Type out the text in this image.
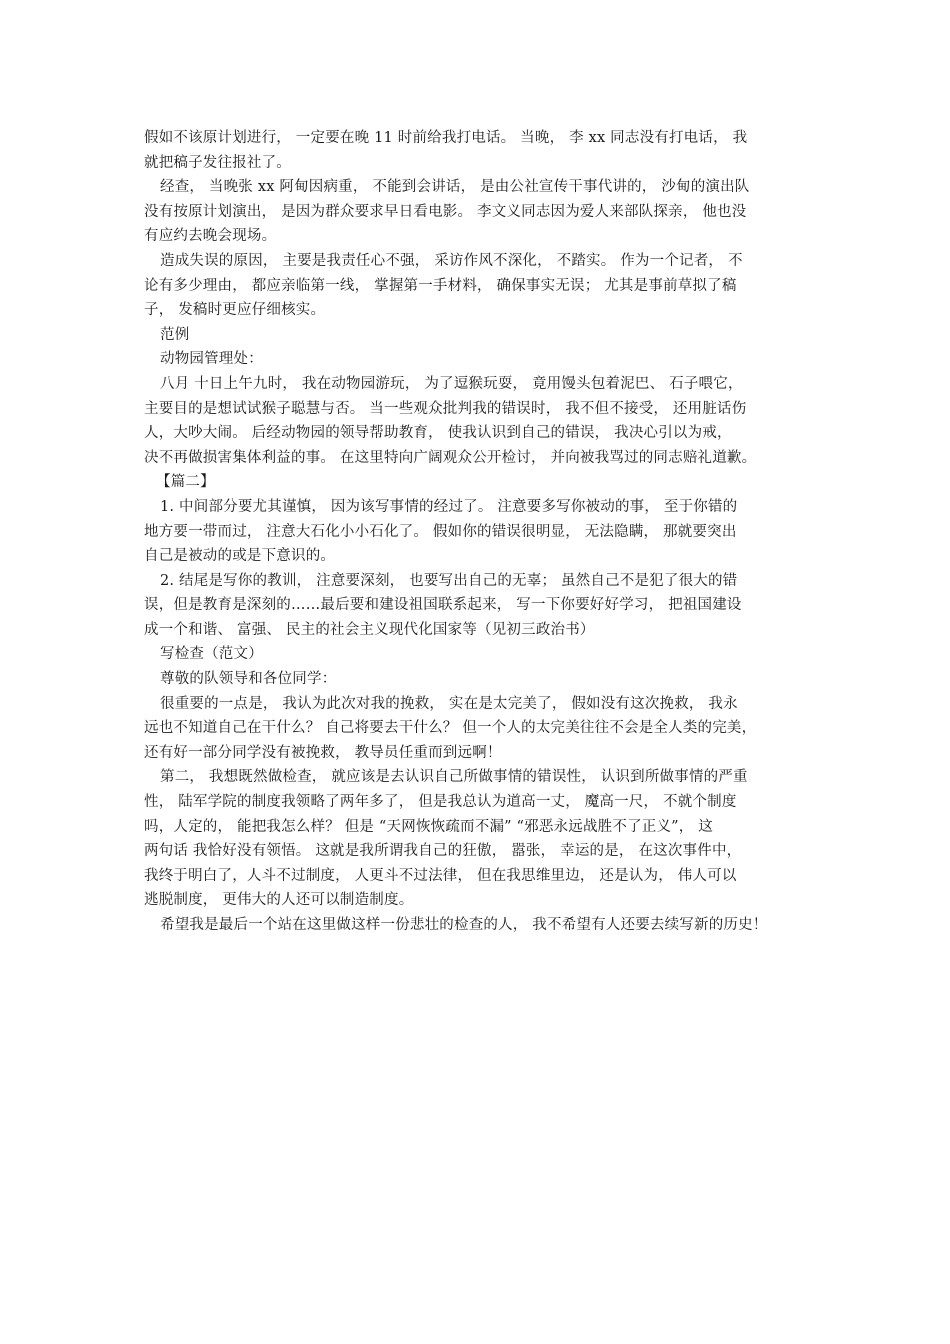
假如不该原计划进行， 一定要在晚 11 时前给我打电话。 当晚， 李 xx 同志没有打电话， 我
就把稿子发往报社了。
经查， 当晚张 xx 阿甸因病重， 不能到会讲话， 是由公社宣传干事代讲的， 沙甸的演出队
没有按原计划演出， 是因为群众要求早日看电影。 李文义同志因为爱人来部队探亲， 他也没
有应约去晚会现场。
造成失误的原因， 主要是我责任心不强， 采访作风不深化， 不踏实。 作为一个记者， 不
论有多少理由， 都应亲临第一线， 掌握第一手材料， 确保事实无误； 尤其是事前草拟了稿
子， 发稿时更应仔细核实。
范例
动物园管理处：
八月 十日上午九时， 我在动物园游玩， 为了逗猴玩耍， 竟用馒头包着泥巴、 石子喂它，
主要目的是想试试猴子聪慧与否。 当一些观众批判我的错误时， 我不但不接受， 还用脏话伤
人，大吵大闹。 后经动物园的领导帮助教育， 使我认识到自己的错误， 我决心引以为戒，
决不再做损害集体利益的事。 在这里特向广阔观众公开检讨， 并向被我骂过的同志赔礼道歉。
【篇二】
1. 中间部分要尤其谨慎， 因为该写事情的经过了。 注意要多写你被动的事， 至于你错的
地方要一带而过， 注意大石化小小石化了。 假如你的错误很明显， 无法隐瞒， 那就要突出
自己是被动的或是下意识的。
2. 结尾是写你的教训， 注意要深刻， 也要写出自己的无辜； 虽然自己不是犯了很大的错
误，但是教育是深刻的……最后要和建设祖国联系起来， 写一下你要好好学习， 把祖国建设
成一个和谐、 富强、 民主的社会主义现代化国家等（见初三政治书）
写检查（范文）
尊敬的队领导和各位同学：
很重要的一点是， 我认为此次对我的挽救， 实在是太完美了， 假如没有这次挽救， 我永
远也不知道自己在干什么？ 自己将要去干什么？ 但一个人的太完美往往不会是全人类的完美，
还有好一部分同学没有被挽救， 教导员任重而到远啊！
第二， 我想既然做检查， 就应该是去认识自己所做事情的错误性， 认识到所做事情的严重
性， 陆军学院的制度我领略了两年多了， 但是我总认为道高一丈， 魔高一尺， 不就个制度
吗，人定的， 能把我怎么样？ 但是 “天网恢恢疏而不漏” “邪恶永远战胜不了正义”， 这
两句话 我恰好没有领悟。 这就是我所谓我自己的狂傲， 嚣张， 幸运的是， 在这次事件中，
我终于明白了，人斗不过制度， 人更斗不过法律， 但在我思维里边， 还是认为， 伟人可以
逃脱制度， 更伟大的人还可以制造制度。
希望我是最后一个站在这里做这样一份悲壮的检查的人， 我不希望有人还要去续写新的历史！
